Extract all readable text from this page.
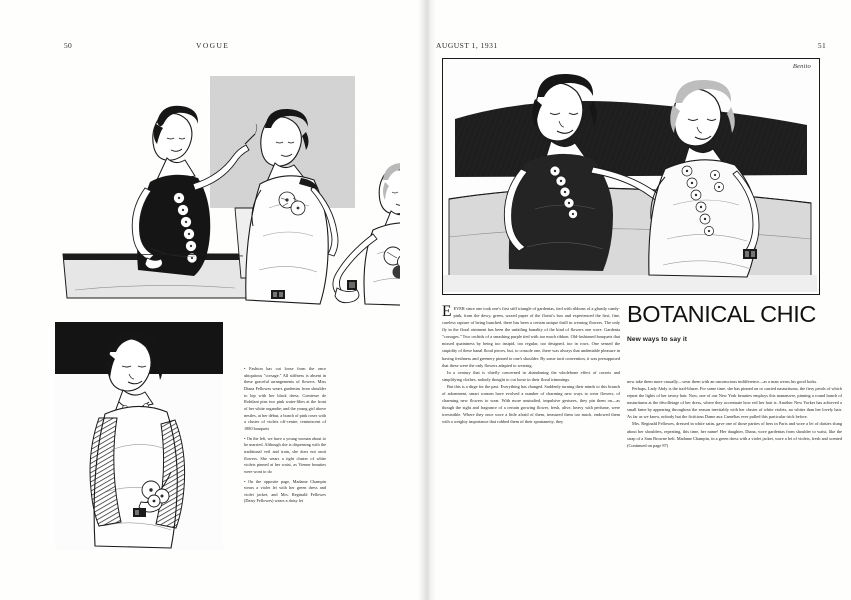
50	VOGUE

• Fashion has cut loose from the once ubiquitous "corsage." All stiffness is absent in these graceful arrangements of flowers. Miss Diana Fellowes wears gardenias from shoulder to hip with her black dress; Comtesse de Robilant pins two pink water-lilies at the front of her white organdie; and the young girl above nestles, at her début, a bunch of pink roses with a cluster of violets off-centre, reminiscent of 1880 bouquets

• On the left, we have a young woman about to be married. Although she is dispensing with the traditional veil and train, she does not omit flowers. She wears a tight cluster of white violets pinned at her waist, as Vienne beauties were wont to do

• On the opposite page, Madame Champin wears a violet lei with her green dress and violet jacket, and Mrs. Reginald Fellowes (Daisy Fellowes) wears a daisy lei

AUGUST 1, 1931	51
Benito
BOTANICAL CHIC
New ways to say it

EEVER since one took one's first stiff triangle of gardenias, tied with ribbons of a ghastly candy-pink, from the dewy, green, waxed paper of the florist's box and experienced the first, fine, careless rapture of being bunched, there has been a certain unique thrill in wearing flowers. The only fly in the floral ointment has been the unfailing banality of the kind of flowers one wore. Gardenia "corsages." Two orchids of a smashing purple tied with too much ribbon. Old-fashioned bouquets that missed quaintness by being too insipid, too regular, too designed, too in rows. One sensed the stupidity of these banal floral pieces, but, to console one, there was always that undeniable pleasure in having freshness and greenery pinned to one's shoulder. By some tacit convention, it was presupposed that these were the only flowers adapted to wearing.

In a century that is chiefly concerned in abandoning the wholebone effect of corsets and simplifying clothes, nobody thought to cut loose in their floral trimmings.

But this is a dirge for the past. Everything has changed. Suddenly turning their minds to this branch of adornment, smart women have evolved a number of charming new ways to wear flowers, of charming new flowers to wear. With more unstudied, impulsive gestures, they pin them on—as though the sight and fragrance of a certain growing flower, fresh, alive, heavy with perfume, were irresistible. Where they once wore a little afraid of them, treasured them too much, endowed them with a weighty importance that robbed them of their spontaneity, they

now take them more casually—wear them with an unconscious indifference—as a man wears his good looks.

Perhaps, Lady Abdy is the trail-blazer. For some time, she has pinned on or carried nasturtiums, the fiery petals of which repeat the lights of her tawny hair. Now, one of our New York beauties employs this manœuvre, pinning a round bunch of nasturtiums at the décolletage of her dress, where they accentuate how red her hair is. Another New Yorker has achieved a small fame by appearing throughout the season inevitably with her cluster of white violets, no whiter than her lovely hair. As far as we know, nobody but the fictitious Dame aux Camélias ever pulled this particular trick before.

Mrs. Reginald Fellowes, dressed in white satin, gave one of those parties of hers in Paris and wore a lei of daisies slung about her shoulders, repeating, this time, her name! Her daughter, Diana, wore gardenias from shoulder to waist, like the strap of a Sam Browne belt. Madame Champin, in a green dress with a violet jacket, wore a lei of violets, fresh and scented (Continued on page 87)
